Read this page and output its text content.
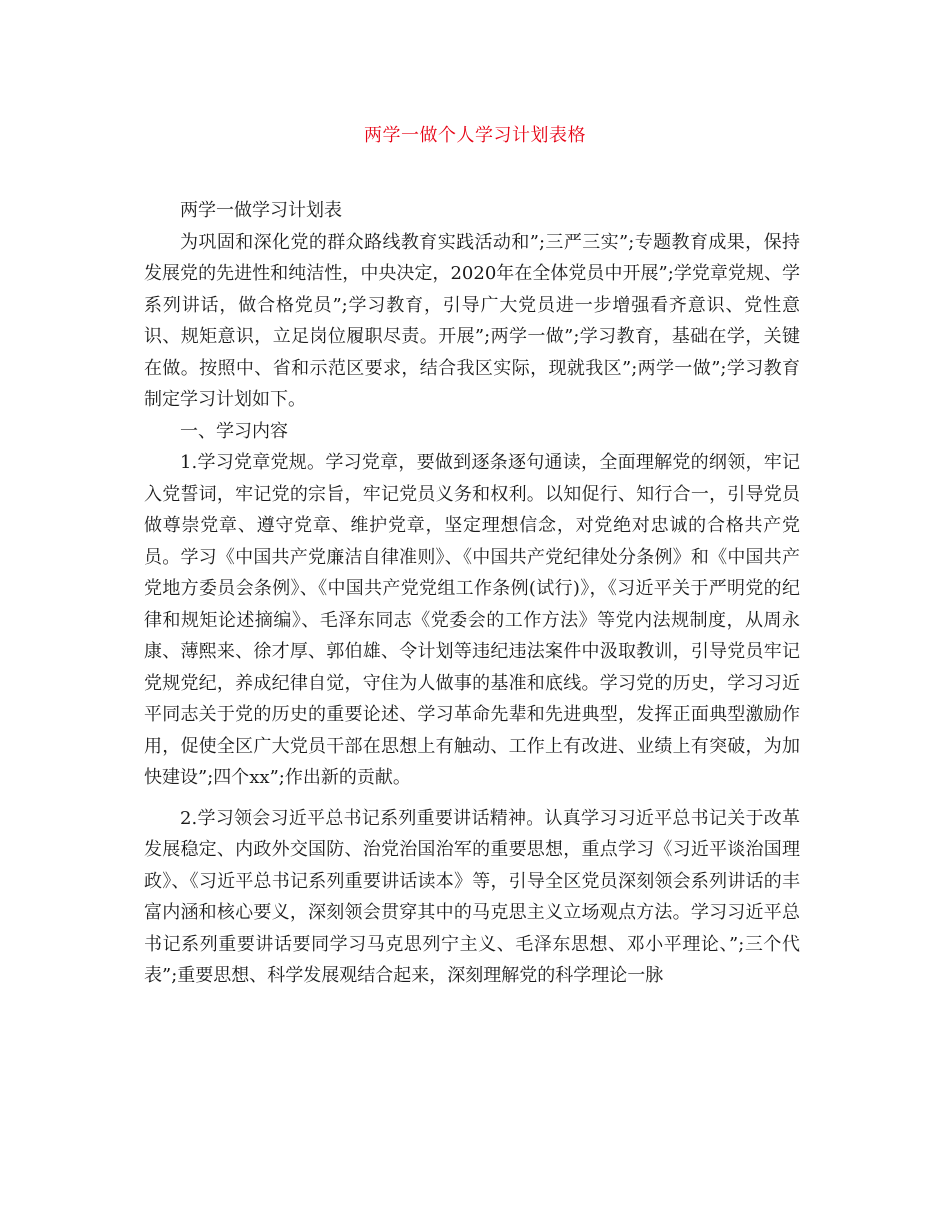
两学一做个人学习计划表格

两学一做学习计划表

为巩固和深化党的群众路线教育实践活动和”;三严三实”;专题教育成果，保持发展党的先进性和纯洁性，中央决定，2020年在全体党员中开展”;学党章党规、学系列讲话，做合格党员”;学习教育，引导广大党员进一步增强看齐意识、党性意识、规矩意识，立足岗位履职尽责。开展”;两学一做”;学习教育，基础在学，关键在做。按照中、省和示范区要求，结合我区实际，现就我区”;两学一做”;学习教育制定学习计划如下。

一、学习内容

1.学习党章党规。学习党章，要做到逐条逐句通读，全面理解党的纲领，牢记入党誓词，牢记党的宗旨，牢记党员义务和权利。以知促行、知行合一，引导党员做尊崇党章、遵守党章、维护党章，坚定理想信念，对党绝对忠诚的合格共产党员。学习《中国共产党廉洁自律准则》、《中国共产党纪律处分条例》和《中国共产党地方委员会条例》、《中国共产党党组工作条例(试行)》，《习近平关于严明党的纪律和规矩论述摘编》、毛泽东同志《党委会的工作方法》等党内法规制度，从周永康、薄熙来、徐才厚、郭伯雄、令计划等违纪违法案件中汲取教训，引导党员牢记党规党纪，养成纪律自觉，守住为人做事的基准和底线。学习党的历史，学习习近平同志关于党的历史的重要论述、学习革命先辈和先进典型，发挥正面典型激励作用，促使全区广大党员干部在思想上有触动、工作上有改进、业绩上有突破，为加快建设”;四个xx”;作出新的贡献。

2.学习领会习近平总书记系列重要讲话精神。认真学习习近平总书记关于改革发展稳定、内政外交国防、治党治国治军的重要思想，重点学习《习近平谈治国理政》、《习近平总书记系列重要讲话读本》等，引导全区党员深刻领会系列讲话的丰富内涵和核心要义，深刻领会贯穿其中的马克思主义立场观点方法。学习习近平总书记系列重要讲话要同学习马克思列宁主义、毛泽东思想、邓小平理论、”;三个代表”;重要思想、科学发展观结合起来，深刻理解党的科学理论一脉
